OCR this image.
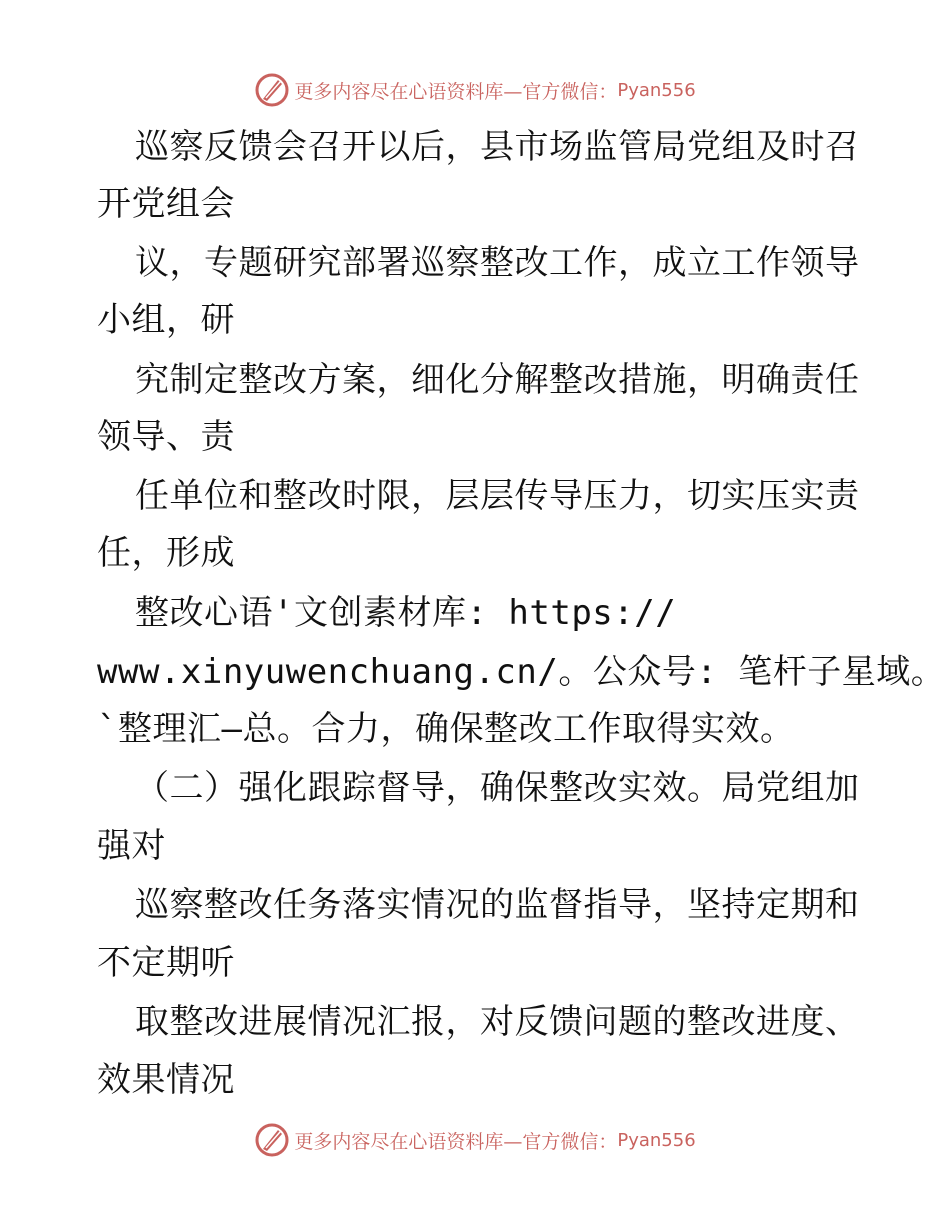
更多内容尽在心语资料库—官方微信： Pyan556

巡察反馈会召开以后，县市场监管局党组及时召

开党组会

议，专题研究部署巡察整改工作，成立工作领导

小组，研

究制定整改方案，细化分解整改措施，明确责任

领导、责

任单位和整改时限，层层传导压力，切实压实责

任，形成

整改心语'文创素材库: https://

www.xinyuwenchuang.cn/。公众号: 笔杆子星域。

`整理汇—总。合力，确保整改工作取得实效。

（二）强化跟踪督导，确保整改实效。局党组加

强对

巡察整改任务落实情况的监督指导，坚持定期和

不定期听

取整改进展情况汇报，对反馈问题的整改进度、

效果情况

更多内容尽在心语资料库—官方微信： Pyan556
